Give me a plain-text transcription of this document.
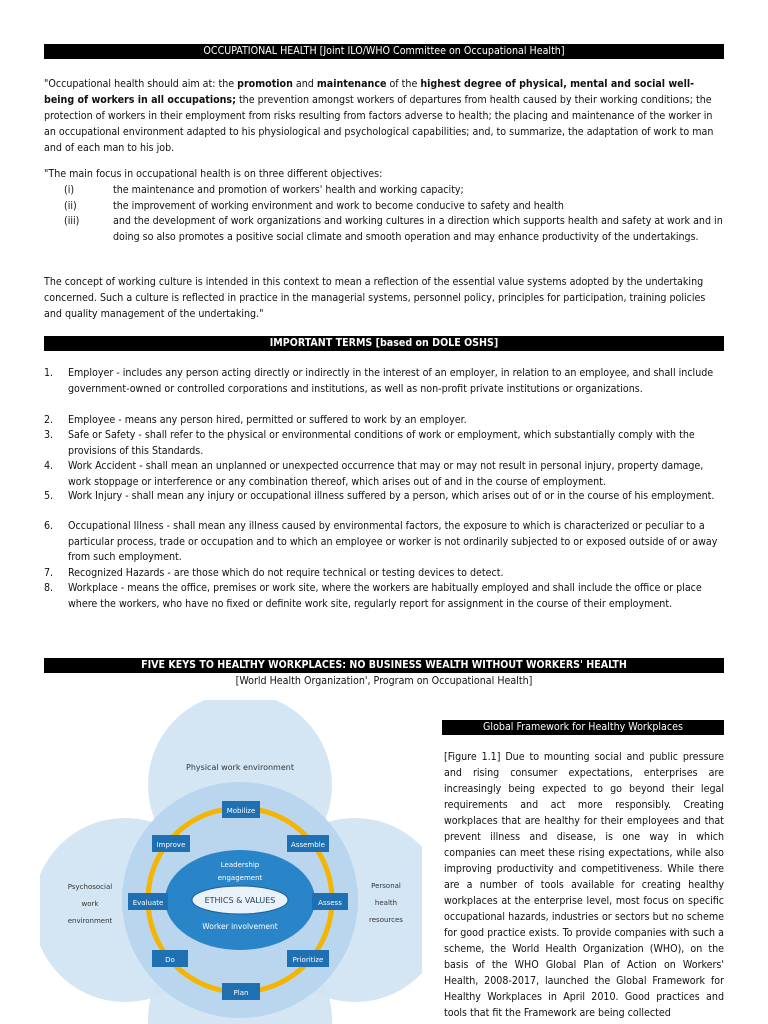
OCCUPATIONAL HEALTH [Joint ILO/WHO Committee on Occupational Health]

"Occupational health should aim at: the promotion and maintenance of the highest degree of physical, mental and social well-being of workers in all occupations; the prevention amongst workers of departures from health caused by their working conditions; the protection of workers in their employment from risks resulting from factors adverse to health; the placing and maintenance of the worker in an occupational environment adapted to his physiological and psychological capabilities; and, to summarize, the adaptation of work to man and of each man to his job.

"The main focus in occupational health is on three different objectives:

(i)	the maintenance and promotion of workers' health and working capacity;
(ii)	the improvement of working environment and work to become conducive to safety and health
(iii)	and the development of work organizations and working cultures in a direction which supports health and safety at work and in doing so also promotes a positive social climate and smooth operation and may enhance productivity of the undertakings.

The concept of working culture is intended in this context to mean a reflection of the essential value systems adopted by the undertaking concerned. Such a culture is reflected in practice in the managerial systems, personnel policy, principles for participation, training policies and quality management of the undertaking."

IMPORTANT TERMS [based on DOLE OSHS]
1. Employer - includes any person acting directly or indirectly in the interest of an employer, in relation to an employee, and shall include government-owned or controlled corporations and institutions, as well as non-profit private institutions or organizations.
2. Employee - means any person hired, permitted or suffered to work by an employer.
3. Safe or Safety - shall refer to the physical or environmental conditions of work or employment, which substantially comply with the provisions of this Standards.
4. Work Accident - shall mean an unplanned or unexpected occurrence that may or may not result in personal injury, property damage, work stoppage or interference or any combination thereof, which arises out of and in the course of employment.
5. Work Injury - shall mean any injury or occupational illness suffered by a person, which arises out of or in the course of his employment.
6. Occupational Illness - shall mean any illness caused by environmental factors, the exposure to which is characterized or peculiar to a particular process, trade or occupation and to which an employee or worker is not ordinarily subjected to or exposed outside of or away from such employment.
7. Recognized Hazards - are those which do not require technical or testing devices to detect.
8. Workplace - means the office, premises or work site, where the workers are habitually employed and shall include the office or place where the workers, who have no fixed or definite work site, regularly report for assignment in the course of their employment.
FIVE KEYS TO HEALTHY WORKPLACES: NO BUSINESS WEALTH WITHOUT WORKERS' HEALTH
[World Health Organization', Program on Occupational Health]
Physical work environment
Psychosocial
work
environment
Personal
health
resources
Leadership
engagement
ETHICS & VALUES
Worker involvement
Mobilize
Assemble
Assess
Prioritize
Plan
Do
Evaluate
Improve
Global Framework for Healthy Workplaces

[Figure 1.1] Due to mounting social and public pressure and rising consumer expectations, enterprises are increasingly being expected to go beyond their legal requirements and act more responsibly. Creating workplaces that are healthy for their employees and that prevent illness and disease, is one way in which companies can meet these rising expectations, while also improving productivity and competitiveness. While there are a number of tools available for creating healthy workplaces at the enterprise level, most focus on specific occupational hazards, industries or sectors but no scheme for good practice exists. To provide companies with such a scheme, the World Health Organization (WHO), on the basis of the WHO Global Plan of Action on Workers' Health, 2008-2017, launched the Global Framework for Healthy Workplaces in April 2010. Good practices and tools that fit the Framework are being collected
